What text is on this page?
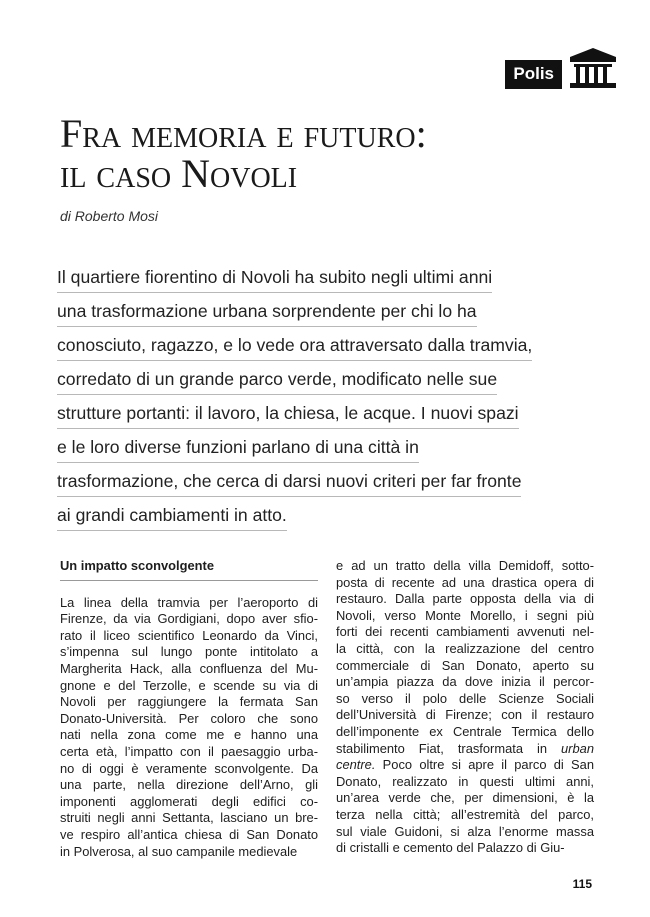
Polis
Fra memoria e futuro:
il caso Novoli
di Roberto Mosi
Il quartiere fiorentino di Novoli ha subito negli ultimi anni
una trasformazione urbana sorprendente per chi lo ha
conosciuto, ragazzo, e lo vede ora attraversato dalla tramvia,
corredato di un grande parco verde, modificato nelle sue
strutture portanti: il lavoro, la chiesa, le acque. I nuovi spazi
e le loro diverse funzioni parlano di una città in
trasformazione, che cerca di darsi nuovi criteri per far fronte
ai grandi cambiamenti in atto.
Un impatto sconvolgente
La linea della tramvia per l’aeroporto di
Firenze, da via Gordigiani, dopo aver sfio-
rato il liceo scientifico Leonardo da Vinci,
s’impenna sul lungo ponte intitolato a
Margherita Hack, alla confluenza del Mu-
gnone e del Terzolle, e scende su via di
Novoli per raggiungere la fermata San
Donato-Università. Per coloro che sono
nati nella zona come me e hanno una
certa età, l’impatto con il paesaggio urba-
no di oggi è veramente sconvolgente. Da
una parte, nella direzione dell’Arno, gli
imponenti agglomerati degli edifici co-
struiti negli anni Settanta, lasciano un bre-
ve respiro all’antica chiesa di San Donato
in Polverosa, al suo campanile medievale
e ad un tratto della villa Demidoff, sotto-
posta di recente ad una drastica opera di
restauro. Dalla parte opposta della via di
Novoli, verso Monte Morello, i segni più
forti dei recenti cambiamenti avvenuti nel-
la città, con la realizzazione del centro
commerciale di San Donato, aperto su
un’ampia piazza da dove inizia il percor-
so verso il polo delle Scienze Sociali
dell’Università di Firenze; con il restauro
dell’imponente ex Centrale Termica dello
stabilimento Fiat, trasformata in urban
centre. Poco oltre si apre il parco di San
Donato, realizzato in questi ultimi anni,
un’area verde che, per dimensioni, è la
terza nella città; all’estremità del parco,
sul viale Guidoni, si alza l’enorme massa
di cristalli e cemento del Palazzo di Giu-
115
